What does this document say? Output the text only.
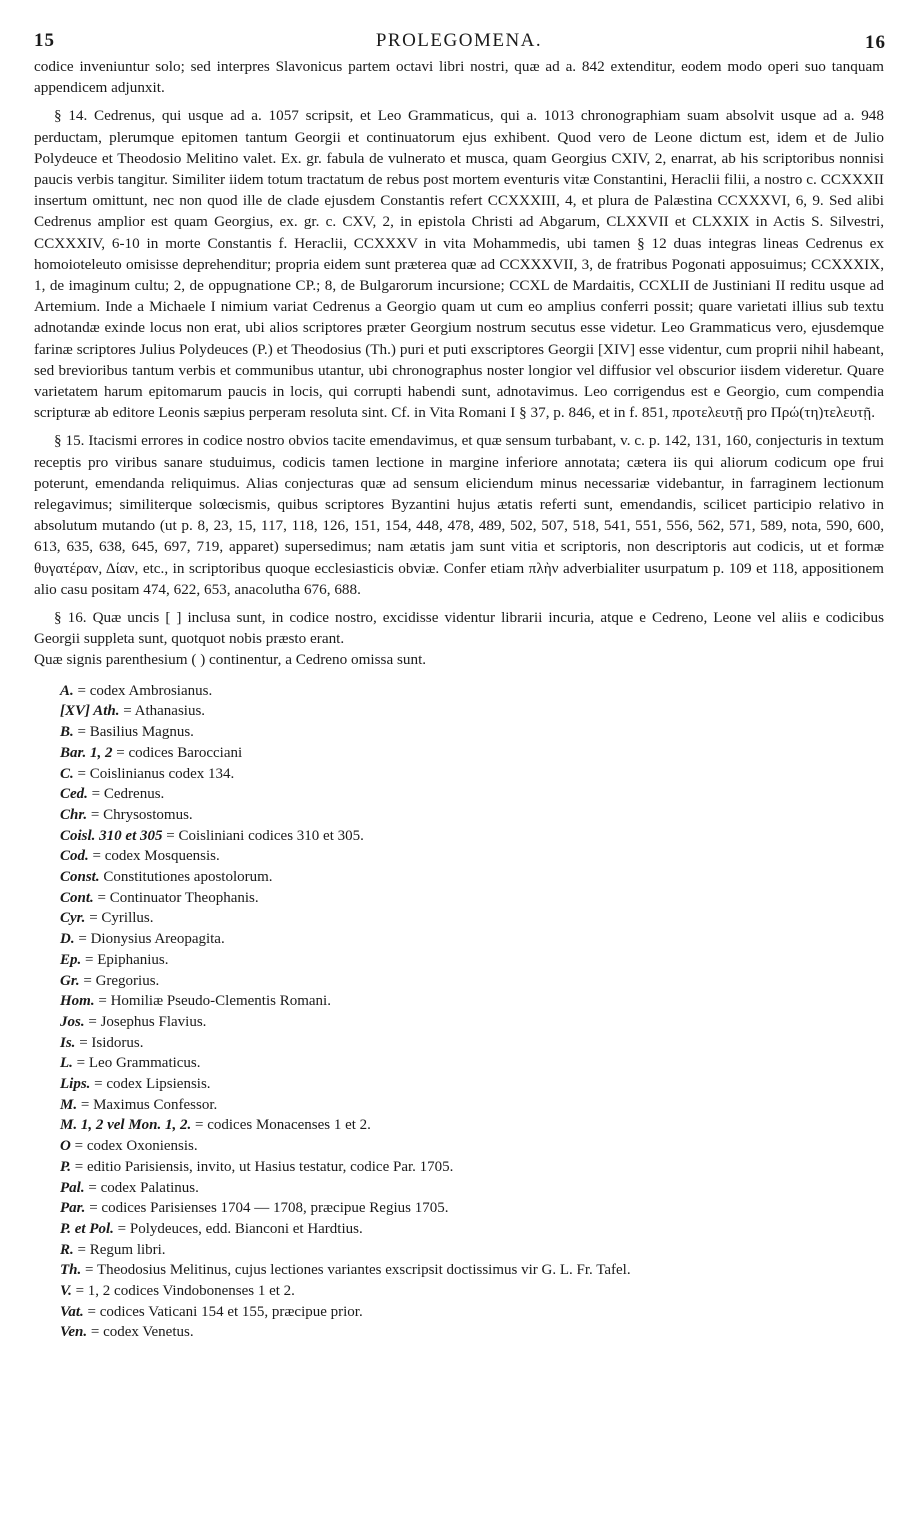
15	PROLEGOMENA.	16

codice inveniuntur solo; sed interpres Slavonicus partem octavi libri nostri, quæ ad a. 842 extenditur, eodem modo operi suo tanquam appendicem adjunxit.

§ 14. Cedrenus, qui usque ad a. 1057 scripsit, et Leo Grammaticus, qui a. 1013 chronographiam suam absolvit usque ad a. 948 perductam, plerumque epitomen tantum Georgii et continuatorum ejus exhibent. Quod vero de Leone dictum est, idem et de Julio Polydeuce et Theodosio Melitino valet. Ex. gr. fabula de vulnerato et musca, quam Georgius CXIV, 2, enarrat, ab his scriptoribus nonnisi paucis verbis tangitur. Similiter iidem totum tractatum de rebus post mortem eventuris vitæ Constantini, Heraclii filii, a nostro c. CCXXXII insertum omittunt, nec non quod ille de clade ejusdem Constantis refert CCXXXIII, 4, et plura de Palæstina CCXXXVI, 6, 9. Sed alibi Cedrenus amplior est quam Georgius, ex. gr. c. CXV, 2, in epistola Christi ad Abgarum, CLXXVII et CLXXIX in Actis S. Silvestri, CCXXXIV, 6-10 in morte Constantis f. Heraclii, CCXXXV in vita Mohammedis, ubi tamen § 12 duas integras lineas Cedrenus ex homoioteleuto omisisse deprehenditur; propria eidem sunt præterea quæ ad CCXXXVII, 3, de fratribus Pogonati apposuimus; CCXXXIX, 1, de imaginum cultu; 2, de oppugnatione CP.; 8, de Bulgarorum incursione; CCXL de Mardaitis, CCXLII de Justiniani II reditu usque ad Artemium. Inde a Michaele I nimium variat Cedrenus a Georgio quam ut cum eo amplius conferri possit; quare varietati illius sub textu adnotandæ exinde locus non erat, ubi alios scriptores præter Georgium nostrum secutus esse videtur. Leo Grammaticus vero, ejusdemque farinæ scriptores Julius Polydeuces (P.) et Theodosius (Th.) puri et puti exscriptores Georgii [XIV] esse videntur, cum proprii nihil habeant, sed brevioribus tantum verbis et communibus utantur, ubi chronographus noster longior vel diffusior vel obscurior iisdem videretur. Quare varietatem harum epitomarum paucis in locis, qui corrupti habendi sunt, adnotavimus. Leo corrigendus est e Georgio, cum compendia scripturæ ab editore Leonis sæpius perperam resoluta sint. Cf. in Vita Romani I § 37, p. 846, et in f. 851, προτελευτῇ pro Πρώ(τη)τελευτῇ.

§ 15. Itacismi errores in codice nostro obvios tacite emendavimus, et quæ sensum turbabant, v. c. p. 142, 131, 160, conjecturis in textum receptis pro viribus sanare studuimus, codicis tamen lectione in margine inferiore annotata; cætera iis qui aliorum codicum ope frui poterunt, emendanda reliquimus. Alias conjecturas quæ ad sensum eliciendum minus necessariæ videbantur, in farraginem lectionum relegavimus; similiterque solœcismis, quibus scriptores Byzantini hujus ætatis referti sunt, emendandis, scilicet participio relativo in absolutum mutando (ut p. 8, 23, 15, 117, 118, 126, 151, 154, 448, 478, 489, 502, 507, 518, 541, 551, 556, 562, 571, 589, nota, 590, 600, 613, 635, 638, 645, 697, 719, apparet) supersedimus; nam ætatis jam sunt vitia et scriptoris, non descriptoris aut codicis, ut et formæ θυγατέραν, Δίαν, etc., in scriptoribus quoque ecclesiasticis obviæ. Confer etiam πλὴν adverbialiter usurpatum p. 109 et 118, appositionem alio casu positam 474, 622, 653, anacolutha 676, 688.

§ 16. Quæ uncis [ ] inclusa sunt, in codice nostro, excidisse videntur librarii incuria, atque e Cedreno, Leone vel aliis e codicibus Georgii suppleta sunt, quotquot nobis præsto erant.

Quæ signis parenthesium ( ) continentur, a Cedreno omissa sunt.

A. = codex Ambrosianus.
[XV] Ath. = Athanasius.
B. = Basilius Magnus.
Bar. 1, 2 = codices Barocciani
C. = Coislinianus codex 134.
Ced. = Cedrenus.
Chr. = Chrysostomus.
Coisl. 310 et 305 = Coisliniani codices 310 et 305.
Cod. = codex Mosquensis.
Const. Constitutiones apostolorum.
Cont. = Continuator Theophanis.
Cyr. = Cyrillus.
D. = Dionysius Areopagita.
Ep. = Epiphanius.
Gr. = Gregorius.
Hom. = Homiliæ Pseudo-Clementis Romani.
Jos. = Josephus Flavius.
Is. = Isidorus.
L. = Leo Grammaticus.
Lips. = codex Lipsiensis.
M. = Maximus Confessor.
M. 1, 2 vel Mon. 1, 2. = codices Monacenses 1 et 2.
O = codex Oxoniensis.
P. = editio Parisiensis, invito, ut Hasius testatur, codice Par. 1705.
Pal. = codex Palatinus.
Par. = codices Parisienses 1704 — 1708, præcipue Regius 1705.
P. et Pol. = Polydeuces, edd. Bianconi et Hardtius.
R. = Regum libri.
Th. = Theodosius Melitinus, cujus lectiones variantes exscripsit doctissimus vir G. L. Fr. Tafel.
V. = 1, 2 codices Vindobonenses 1 et 2.
Vat. = codices Vaticani 154 et 155, præcipue prior.
Ven. = codex Venetus.
